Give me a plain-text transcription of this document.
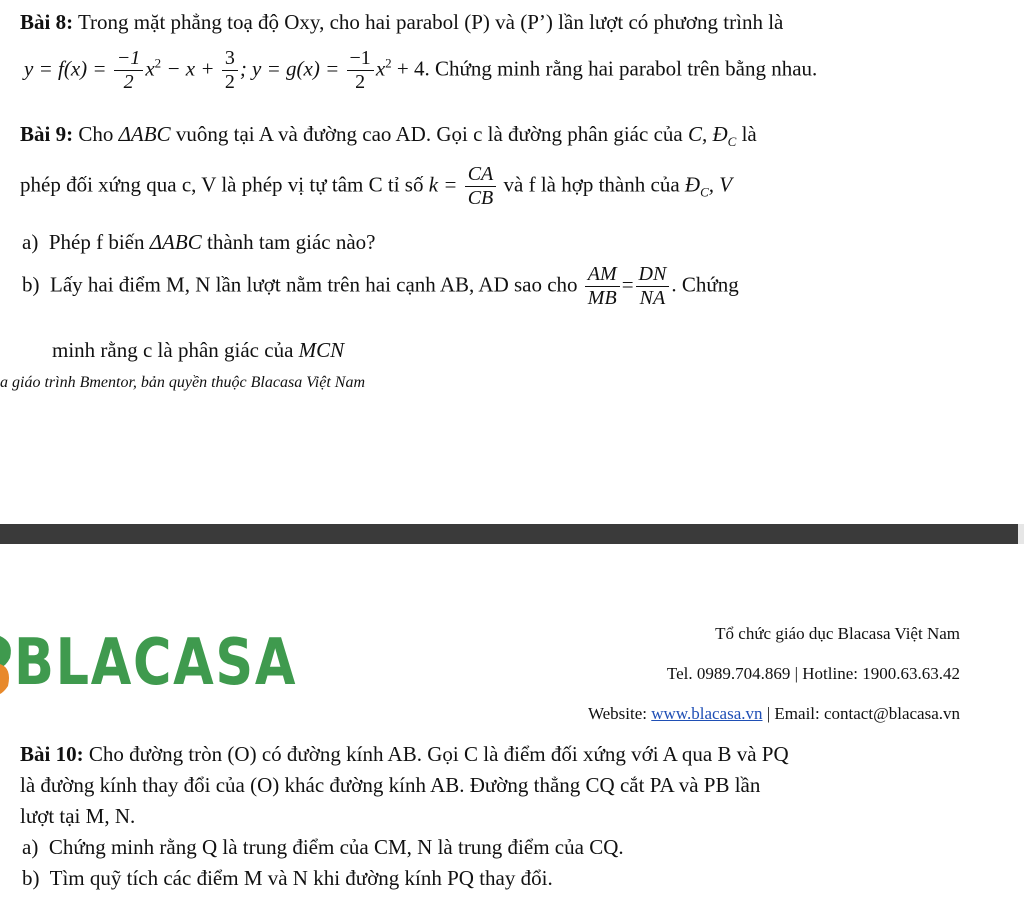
Bài 8: Trong mặt phẳng toạ độ Oxy, cho hai parabol (P) và (P’) lần lượt có phương trình là
$y = f(x) = \frac{-1}{2} x^2 - x + \frac{3}{2}$ ; $y = g(x) = \frac{-1}{2} x^2 + 4$. Chứng minh rằng hai parabol trên bằng nhau.
Bài 9: Cho ΔABC vuông tại A và đường cao AD. Gọi c là đường phân giác của C, $Đ_C$ là
phép đối xứng qua c, V là phép vị tự tâm C tỉ số $k = \frac{CA}{CB}$ và f là hợp thành của $Đ_C$, V
a) Phép f biến ΔABC thành tam giác nào?
b) Lấy hai điểm M, N lần lượt nằm trên hai cạnh AB, AD sao cho $\frac{AM}{MB} = \frac{DN}{NA}$ . Chứng
minh rằng c là phân giác của MCN
a giáo trình Bmentor, bản quyền thuộc Blacasa Việt Nam
BLACASA	Tổ chức giáo dục Blacasa Việt Nam
Tel. 0989.704.869 | Hotline: 1900.63.63.42
Website: www.blacasa.vn | Email: contact@blacasa.vn
Bài 10: Cho đường tròn (O) có đường kính AB. Gọi C là điểm đối xứng với A qua B và PQ
là đường kính thay đổi của (O) khác đường kính AB. Đường thẳng CQ cắt PA và PB lần
lượt tại M, N.
a) Chứng minh rằng Q là trung điểm của CM, N là trung điểm của CQ.
b) Tìm quỹ tích các điểm M và N khi đường kính PQ thay đổi.
